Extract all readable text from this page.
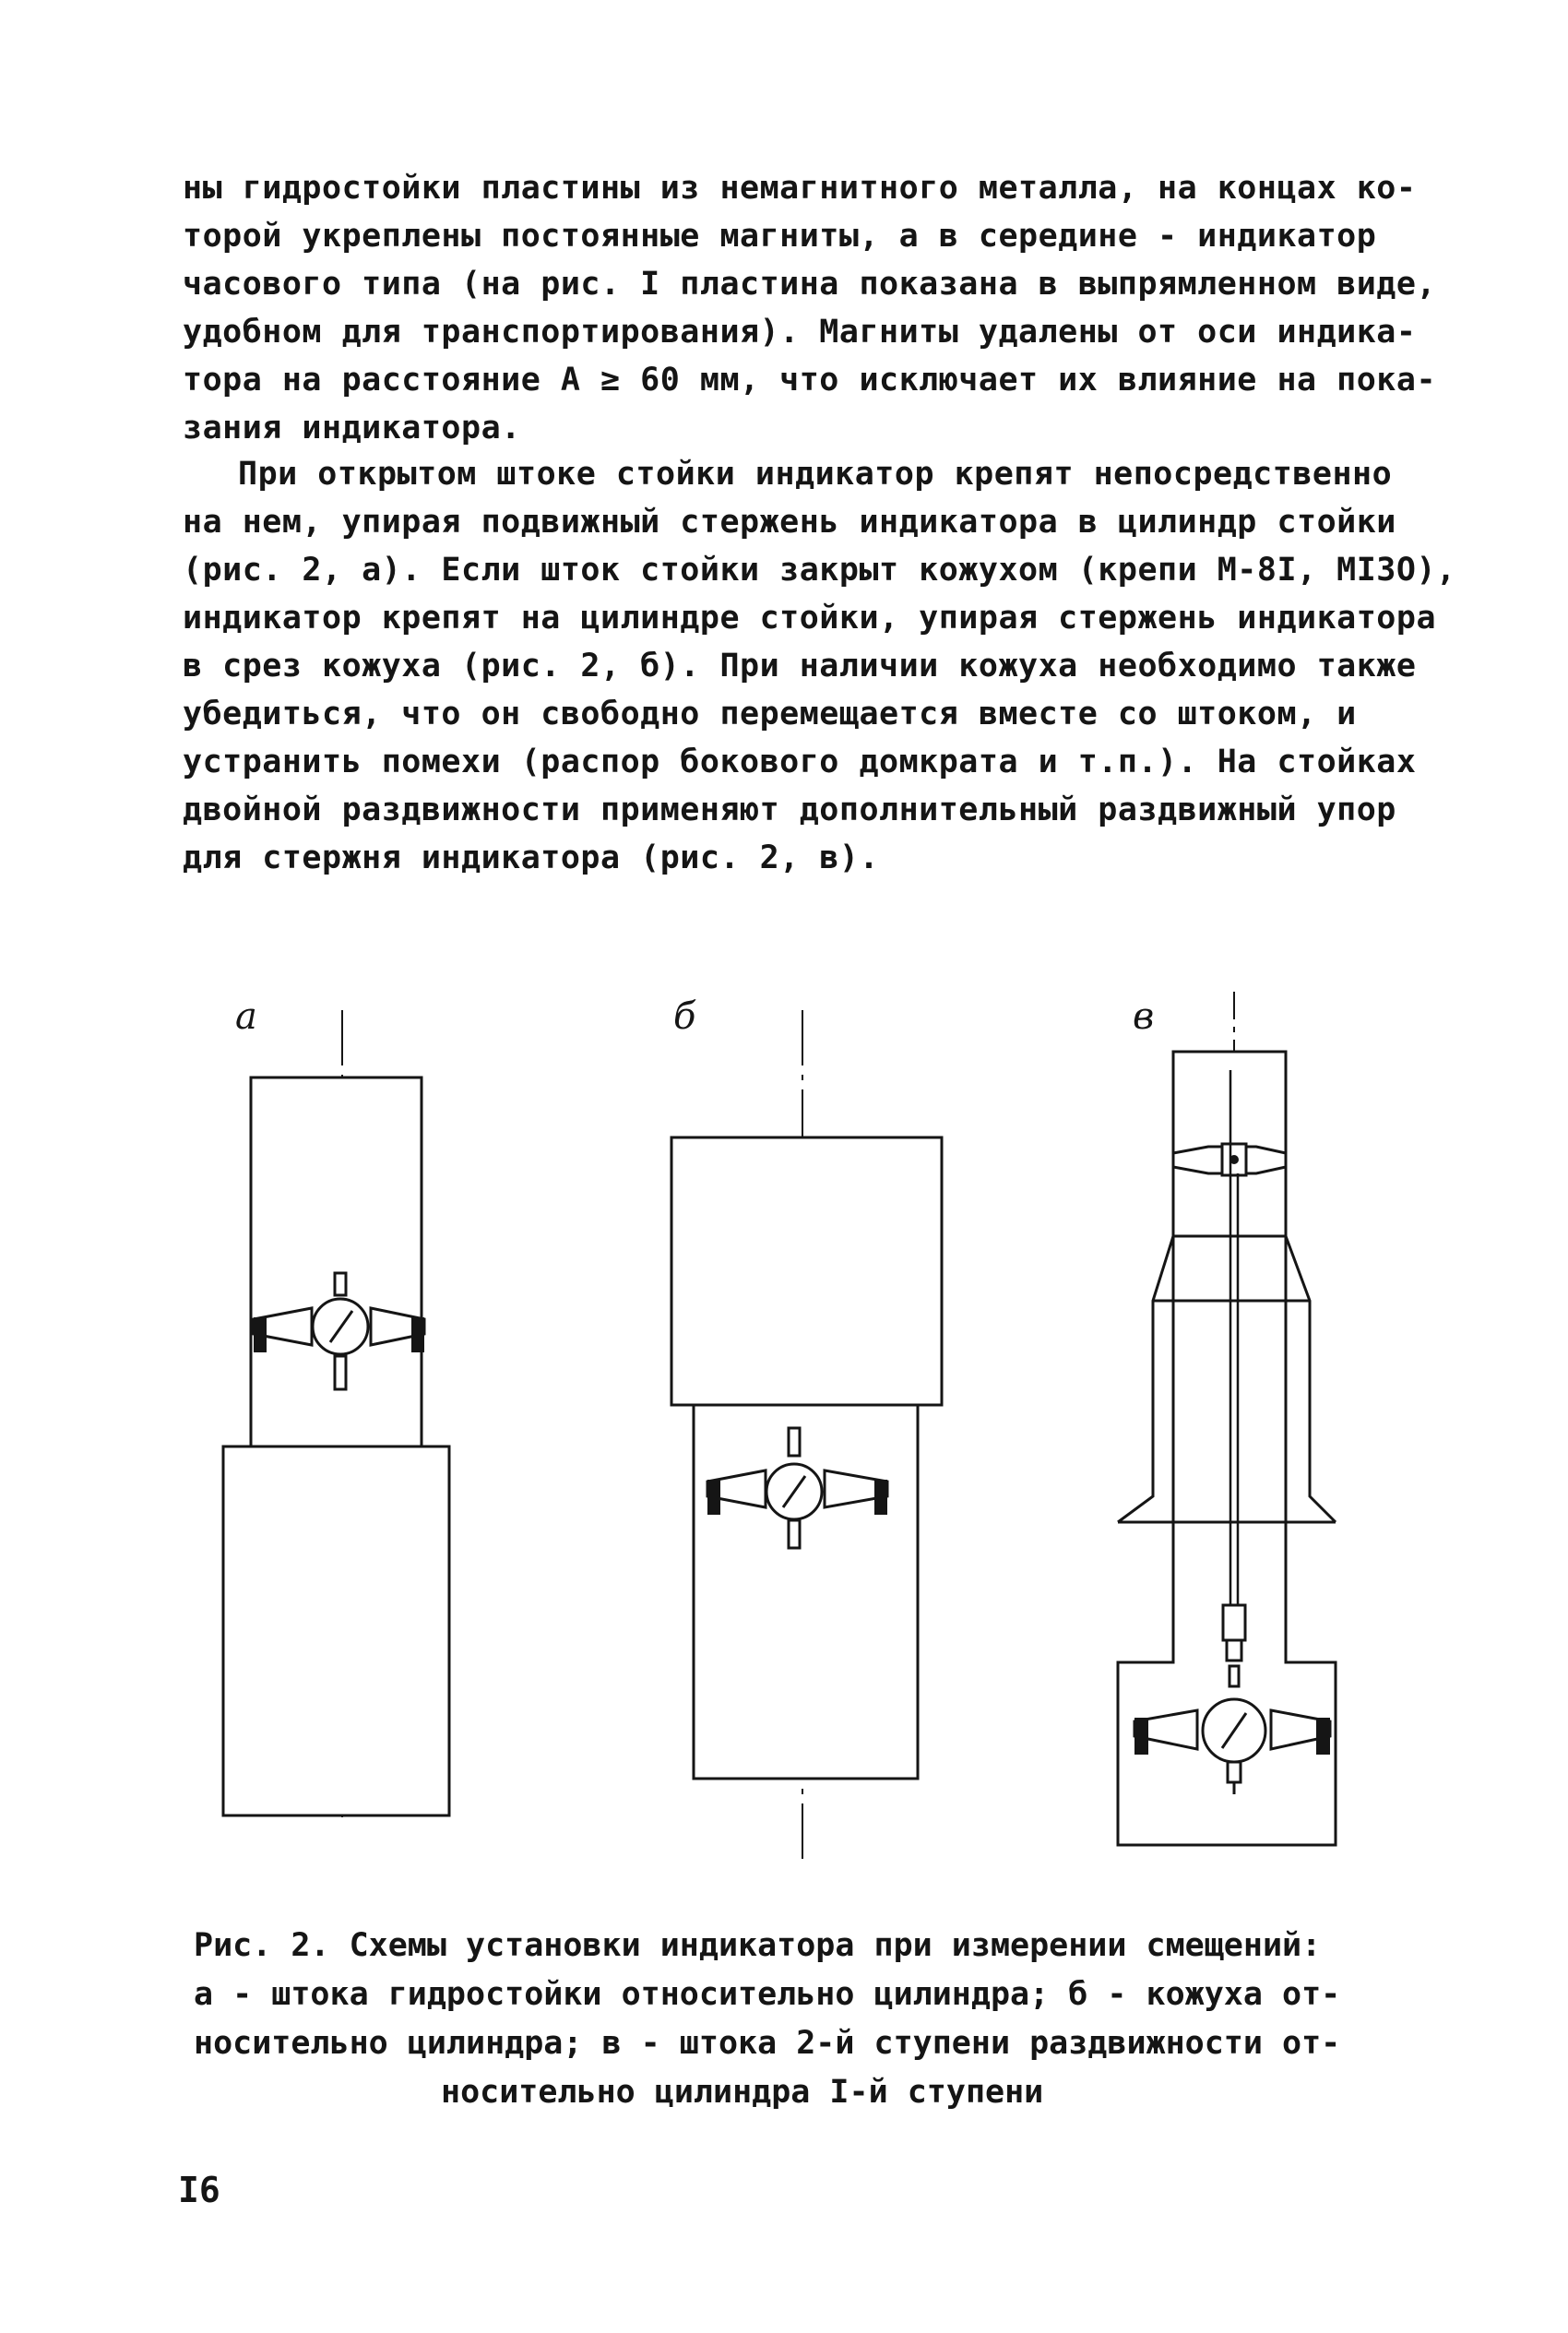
ны гидростойки пластины из немагнитного металла, на концах ко-
торой укреплены постоянные магниты, а в середине - индикатор
часового типа (на рис. I пластина показана в выпрямленном виде,
удобном для транспортирования). Магниты удалены от оси индика-
тора на расстояние А ≥ 60 мм, что исключает их влияние на пока-
зания индикатора.
При открытом штоке стойки индикатор крепят непосредственно
на нем, упирая подвижный стержень индикатора в цилиндр стойки
(рис. 2, а). Если шток стойки закрыт кожухом (крепи М-8I, МI3О),
индикатор крепят на цилиндре стойки, упирая стержень индикатора
в срез кожуха (рис. 2, б). При наличии кожуха необходимо также
убедиться, что он свободно перемещается вместе со штоком, и
устранить помехи (распор бокового домкрата и т.п.). На стойках
двойной раздвижности применяют дополнительный раздвижный упор
для стержня индикатора (рис. 2, в).
а	б	в
Рис. 2. Схемы установки индикатора при измерении смещений:
а - штока гидростойки относительно цилиндра; б - кожуха от-
носительно цилиндра; в - штока 2-й ступени раздвижности от-
носительно цилиндра I-й ступени
I6
